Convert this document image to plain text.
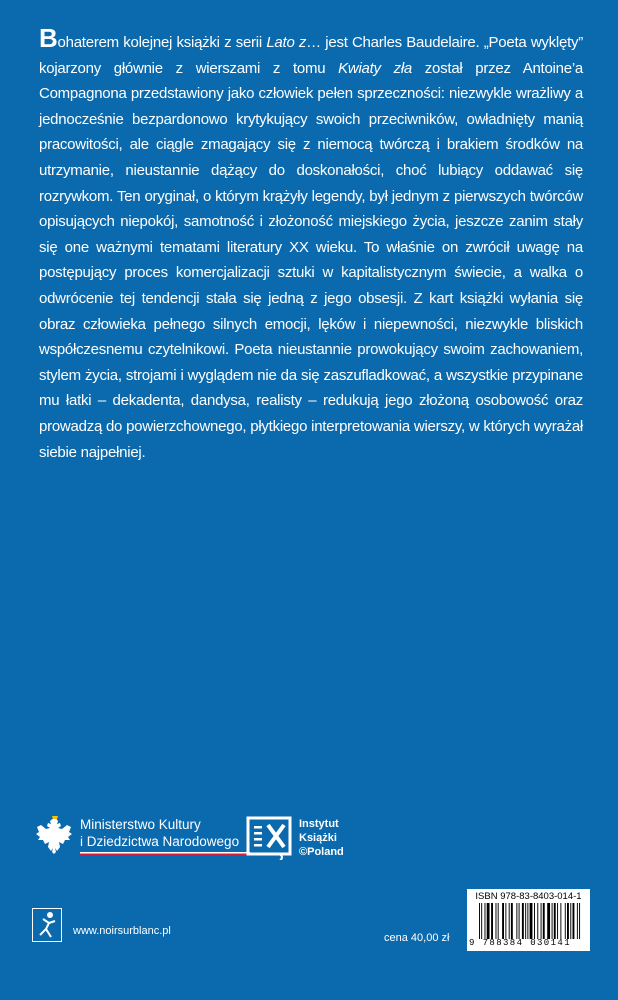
Bohaterem kolejnej książki z serii Lato z… jest Charles Baudelaire. „Poeta wyklęty” kojarzony głównie z wierszami z tomu Kwiaty zła został przez Antoine’a Compagnona przedstawiony jako człowiek pełen sprzeczności: niezwykle wrażliwy a jednocześnie bezpardonowo krytykujący swoich przeciwników, owładnięty manią pracowitości, ale ciągle zmagający się z niemocą twórczą i brakiem środków na utrzymanie, nieustannie dążący do doskonałości, choć lubiący oddawać się rozrywkom. Ten oryginał, o którym krążyły legendy, był jednym z pierwszych twórców opisujących niepokój, samotność i złożoność miejskiego życia, jeszcze zanim stały się one ważnymi tematami literatury XX wieku. To właśnie on zwrócił uwagę na postępujący proces komercjalizacji sztuki w kapitalistycznym świecie, a walka o odwrócenie tej tendencji stała się jedną z jego obsesji. Z kart książki wyłania się obraz człowieka pełnego silnych emocji, lęków i niepewności, niezwykle bliskich współczesnemu czytelnikowi. Poeta nieustannie prowokujący swoim zachowaniem, stylem życia, strojami i wyglądem nie da się zaszufladkować, a wszystkie przypinane mu łatki – dekadenta, dandysa, realisty – redukują jego złożoną osobowość oraz prowadzą do powierzchownego, płytkiego interpretowania wierszy, w których wyrażał siebie najpełniej.

Ministerstwo Kultury
i Dziedzictwa Narodowego
Instytut
Książki
©Poland
www.noirsurblanc.pl
cena 40,00 zł
ISBN 978-83-8403-014-1
9 788384 030141
